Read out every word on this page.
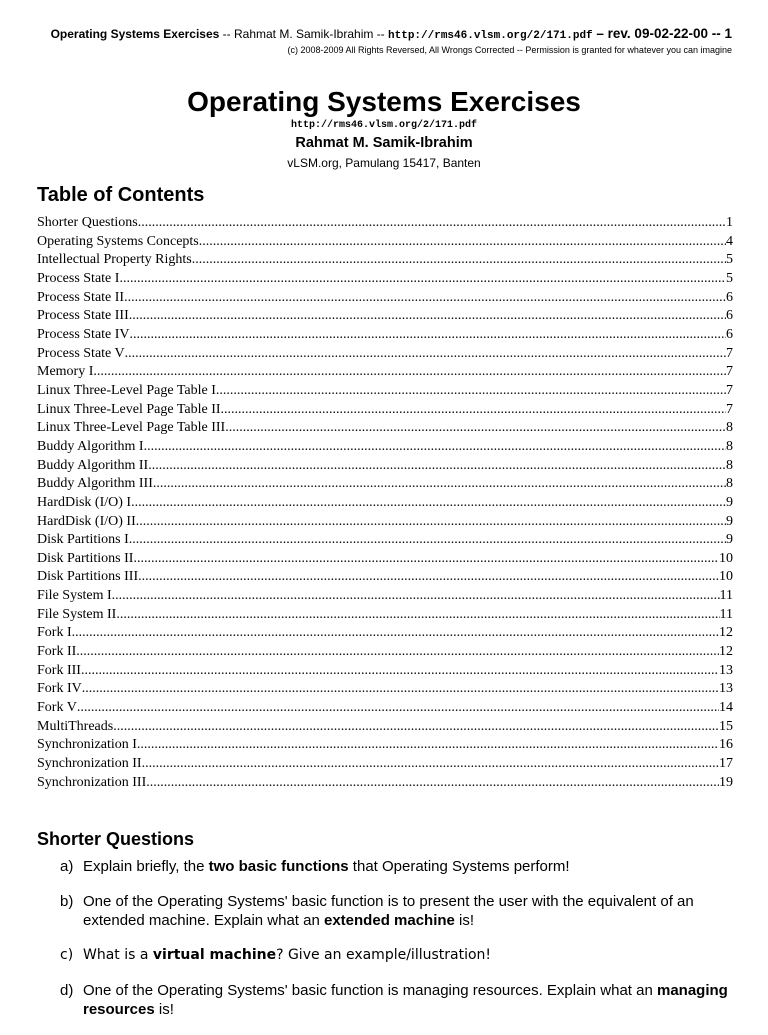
Operating Systems Exercises -- Rahmat M. Samik-Ibrahim -- http://rms46.vlsm.org/2/171.pdf – rev. 09-02-22-00 -- 1
(c) 2008-2009 All Rights Reversed, All Wrongs Corrected -- Permission is granted for whatever you can imagine
Operating Systems Exercises
http://rms46.vlsm.org/2/171.pdf
Rahmat M. Samik-Ibrahim
vLSM.org, Pamulang 15417, Banten
Table of Contents
Shorter Questions .....	1
Operating Systems Concepts .....	4
Intellectual Property Rights .....	5
Process State I .....	5
Process State II .....	6
Process State III .....	6
Process State IV .....	6
Process State V .....	7
Memory I .....	7
Linux Three-Level Page Table I .....	7
Linux Three-Level Page Table II .....	7
Linux Three-Level Page Table III .....	8
Buddy Algorithm I .....	8
Buddy Algorithm II .....	8
Buddy Algorithm III .....	8
HardDisk (I/O) I .....	9
HardDisk (I/O) II .....	9
Disk Partitions I .....	9
Disk Partitions II .....	10
Disk Partitions III .....	10
File System I .....	11
File System II .....	11
Fork I .....	12
Fork II .....	12
Fork III .....	13
Fork IV .....	13
Fork V .....	14
MultiThreads .....	15
Synchronization I .....	16
Synchronization II .....	17
Synchronization III .....	19
Shorter Questions
a) Explain briefly, the two basic functions that Operating Systems perform!
b) One of the Operating Systems' basic function is to present the user with the equivalent of an extended machine. Explain what an extended machine is!
c) What is a virtual machine? Give an example/illustration!
d) One of the Operating Systems' basic function is managing resources. Explain what an managing resources is!
